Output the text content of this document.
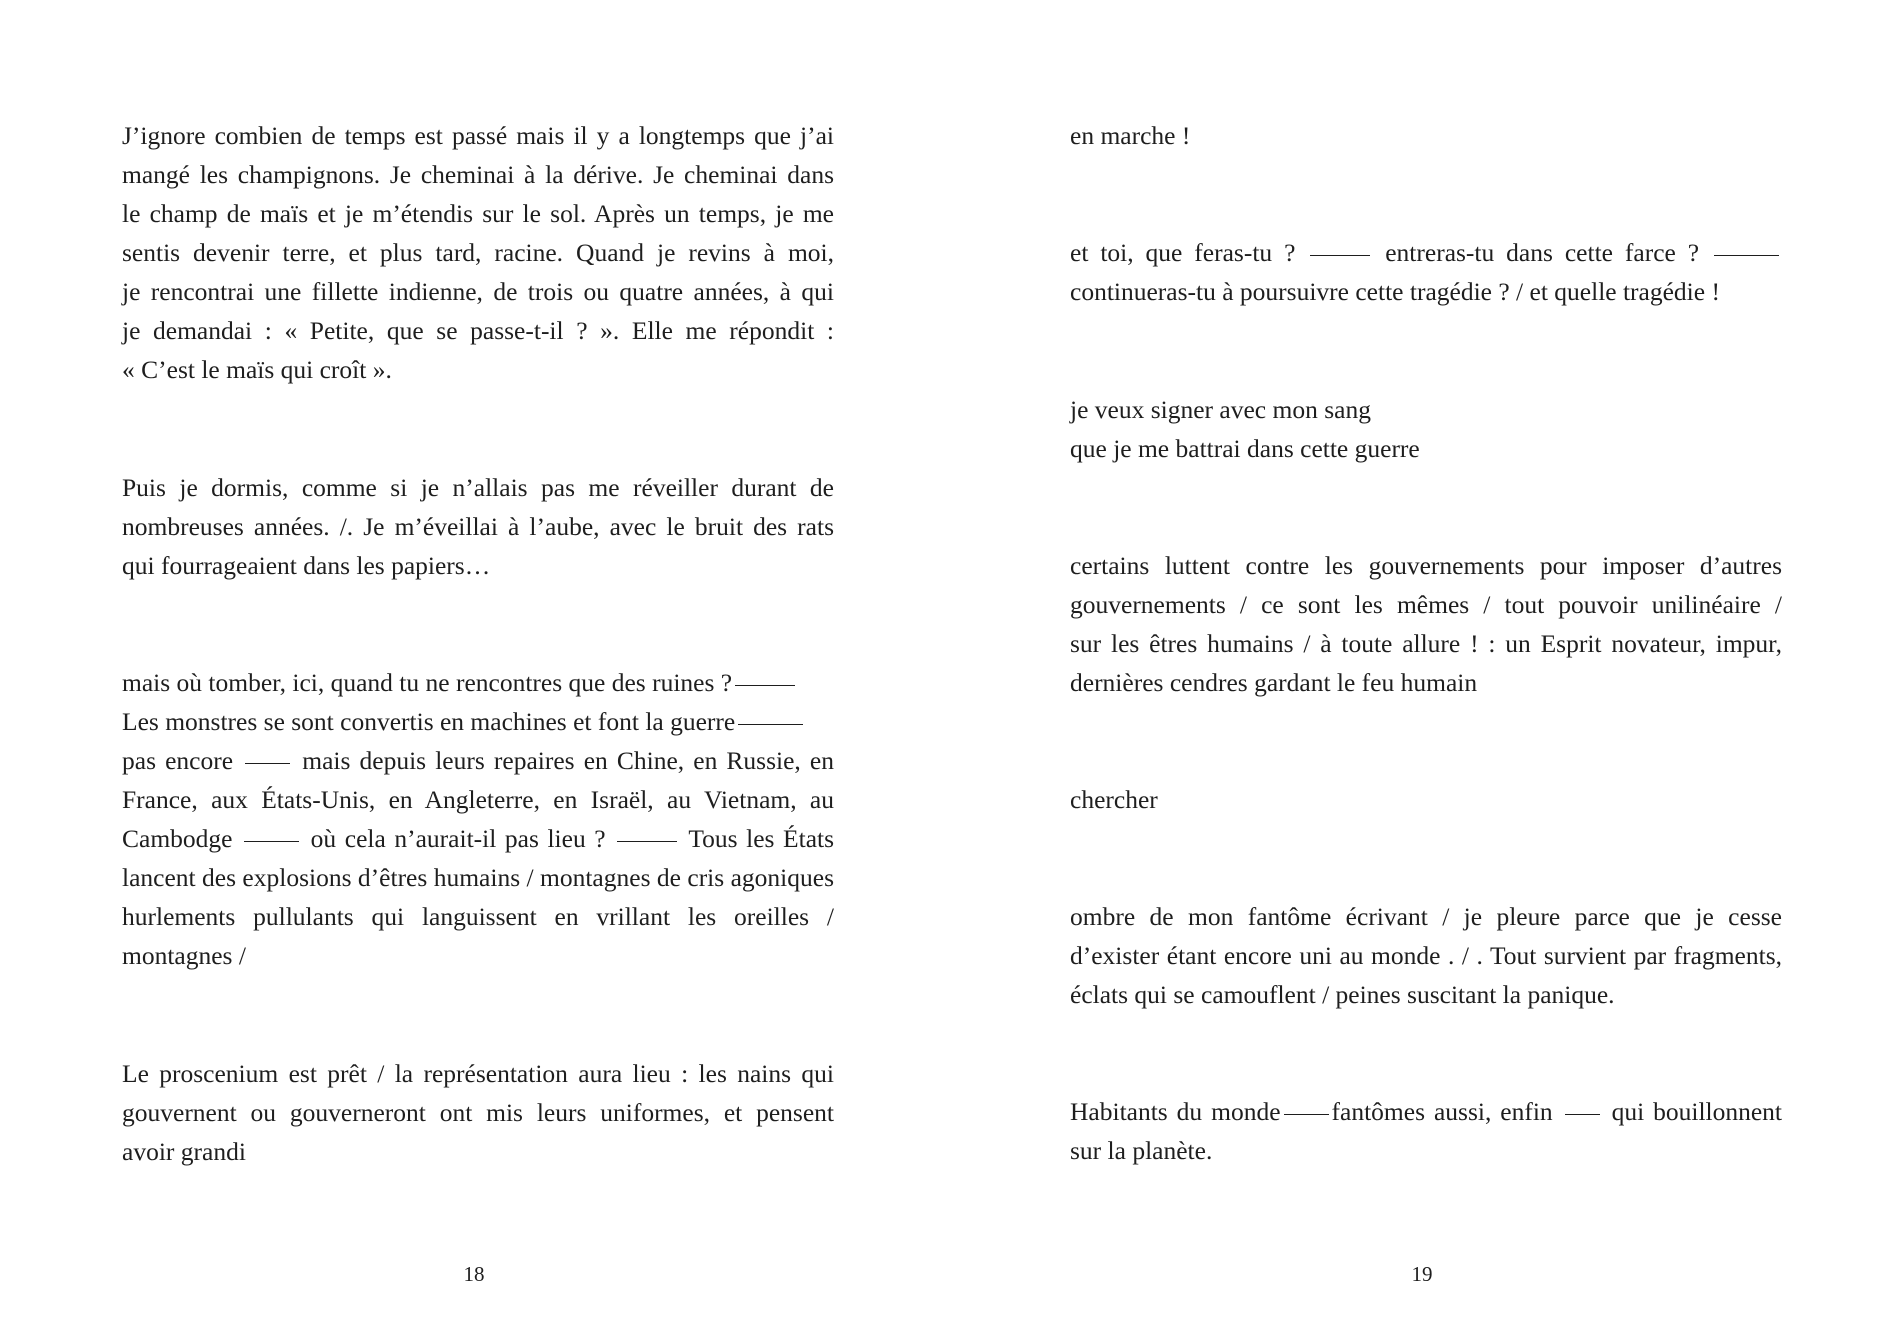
J’ignore combien de temps est passé mais il y a longtemps que j’ai
mangé les champignons. Je cheminai à la dérive. Je cheminai dans
le champ de maïs et je m’étendis sur le sol. Après un temps, je me
sentis devenir terre, et plus tard, racine. Quand je revins à moi,
je rencontrai une fillette indienne, de trois ou quatre années, à qui
je demandai : « Petite, que se passe-t-il ? ». Elle me répondit :
« C’est le maïs qui croît ».
Puis je dormis, comme si je n’allais pas me réveiller durant de
nombreuses années. /. Je m’éveillai à l’aube, avec le bruit des rats
qui fourrageaient dans les papiers…
mais où tomber, ici, quand tu ne rencontres que des ruines ?
Les monstres se sont convertis en machines et font la guerre
pas encore	mais depuis leurs repaires en Chine, en Russie, en
France, aux États-Unis, en Angleterre, en Israël, au Vietnam, au
Cambodge	où cela n’aurait-il pas lieu ?	Tous les États
lancent des explosions d’êtres humains / montagnes de cris agoniques
hurlements pullulants qui languissent en vrillant les oreilles /
montagnes /
Le proscenium est prêt / la représentation aura lieu : les nains qui
gouvernent ou gouverneront ont mis leurs uniformes, et pensent
avoir grandi
18
en marche !
et toi, que feras-tu ?	entreras-tu dans cette farce ?
continueras-tu à poursuivre cette tragédie ? / et quelle tragédie !
je veux signer avec mon sang
que je me battrai dans cette guerre
certains luttent contre les gouvernements pour imposer d’autres
gouvernements / ce sont les mêmes / tout pouvoir unilinéaire /
sur les êtres humains / à toute allure ! : un Esprit novateur, impur,
dernières cendres gardant le feu humain
chercher
ombre de mon fantôme écrivant / je pleure parce que je cesse
d’exister étant encore uni au monde . / . Tout survient par fragments,
éclats qui se camouflent / peines suscitant la panique.
Habitants du monde fantômes aussi, enfin qui bouillonnent
sur la planète.
19
